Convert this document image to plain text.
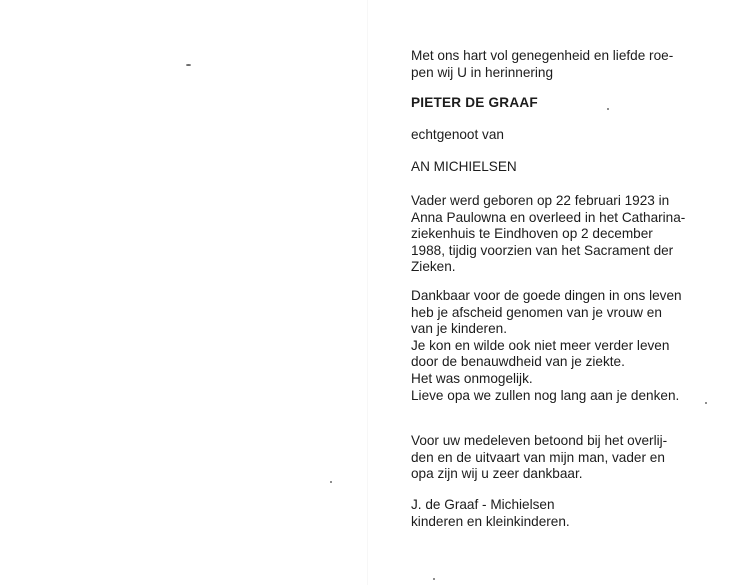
Met ons hart vol genegenheid en liefde roe-
pen wij U in herinnering
PIETER DE GRAAF
echtgenoot van
AN MICHIELSEN
Vader werd geboren op 22 februari 1923 in
Anna Paulowna en overleed in het Catharina-
ziekenhuis te Eindhoven op 2 december
1988, tijdig voorzien van het Sacrament der
Zieken.
Dankbaar voor de goede dingen in ons leven
heb je afscheid genomen van je vrouw en
van je kinderen.
Je kon en wilde ook niet meer verder leven
door de benauwdheid van je ziekte.
Het was onmogelijk.
Lieve opa we zullen nog lang aan je denken.
Voor uw medeleven betoond bij het overlij-
den en de uitvaart van mijn man, vader en
opa zijn wij u zeer dankbaar.
J. de Graaf - Michielsen
kinderen en kleinkinderen.
